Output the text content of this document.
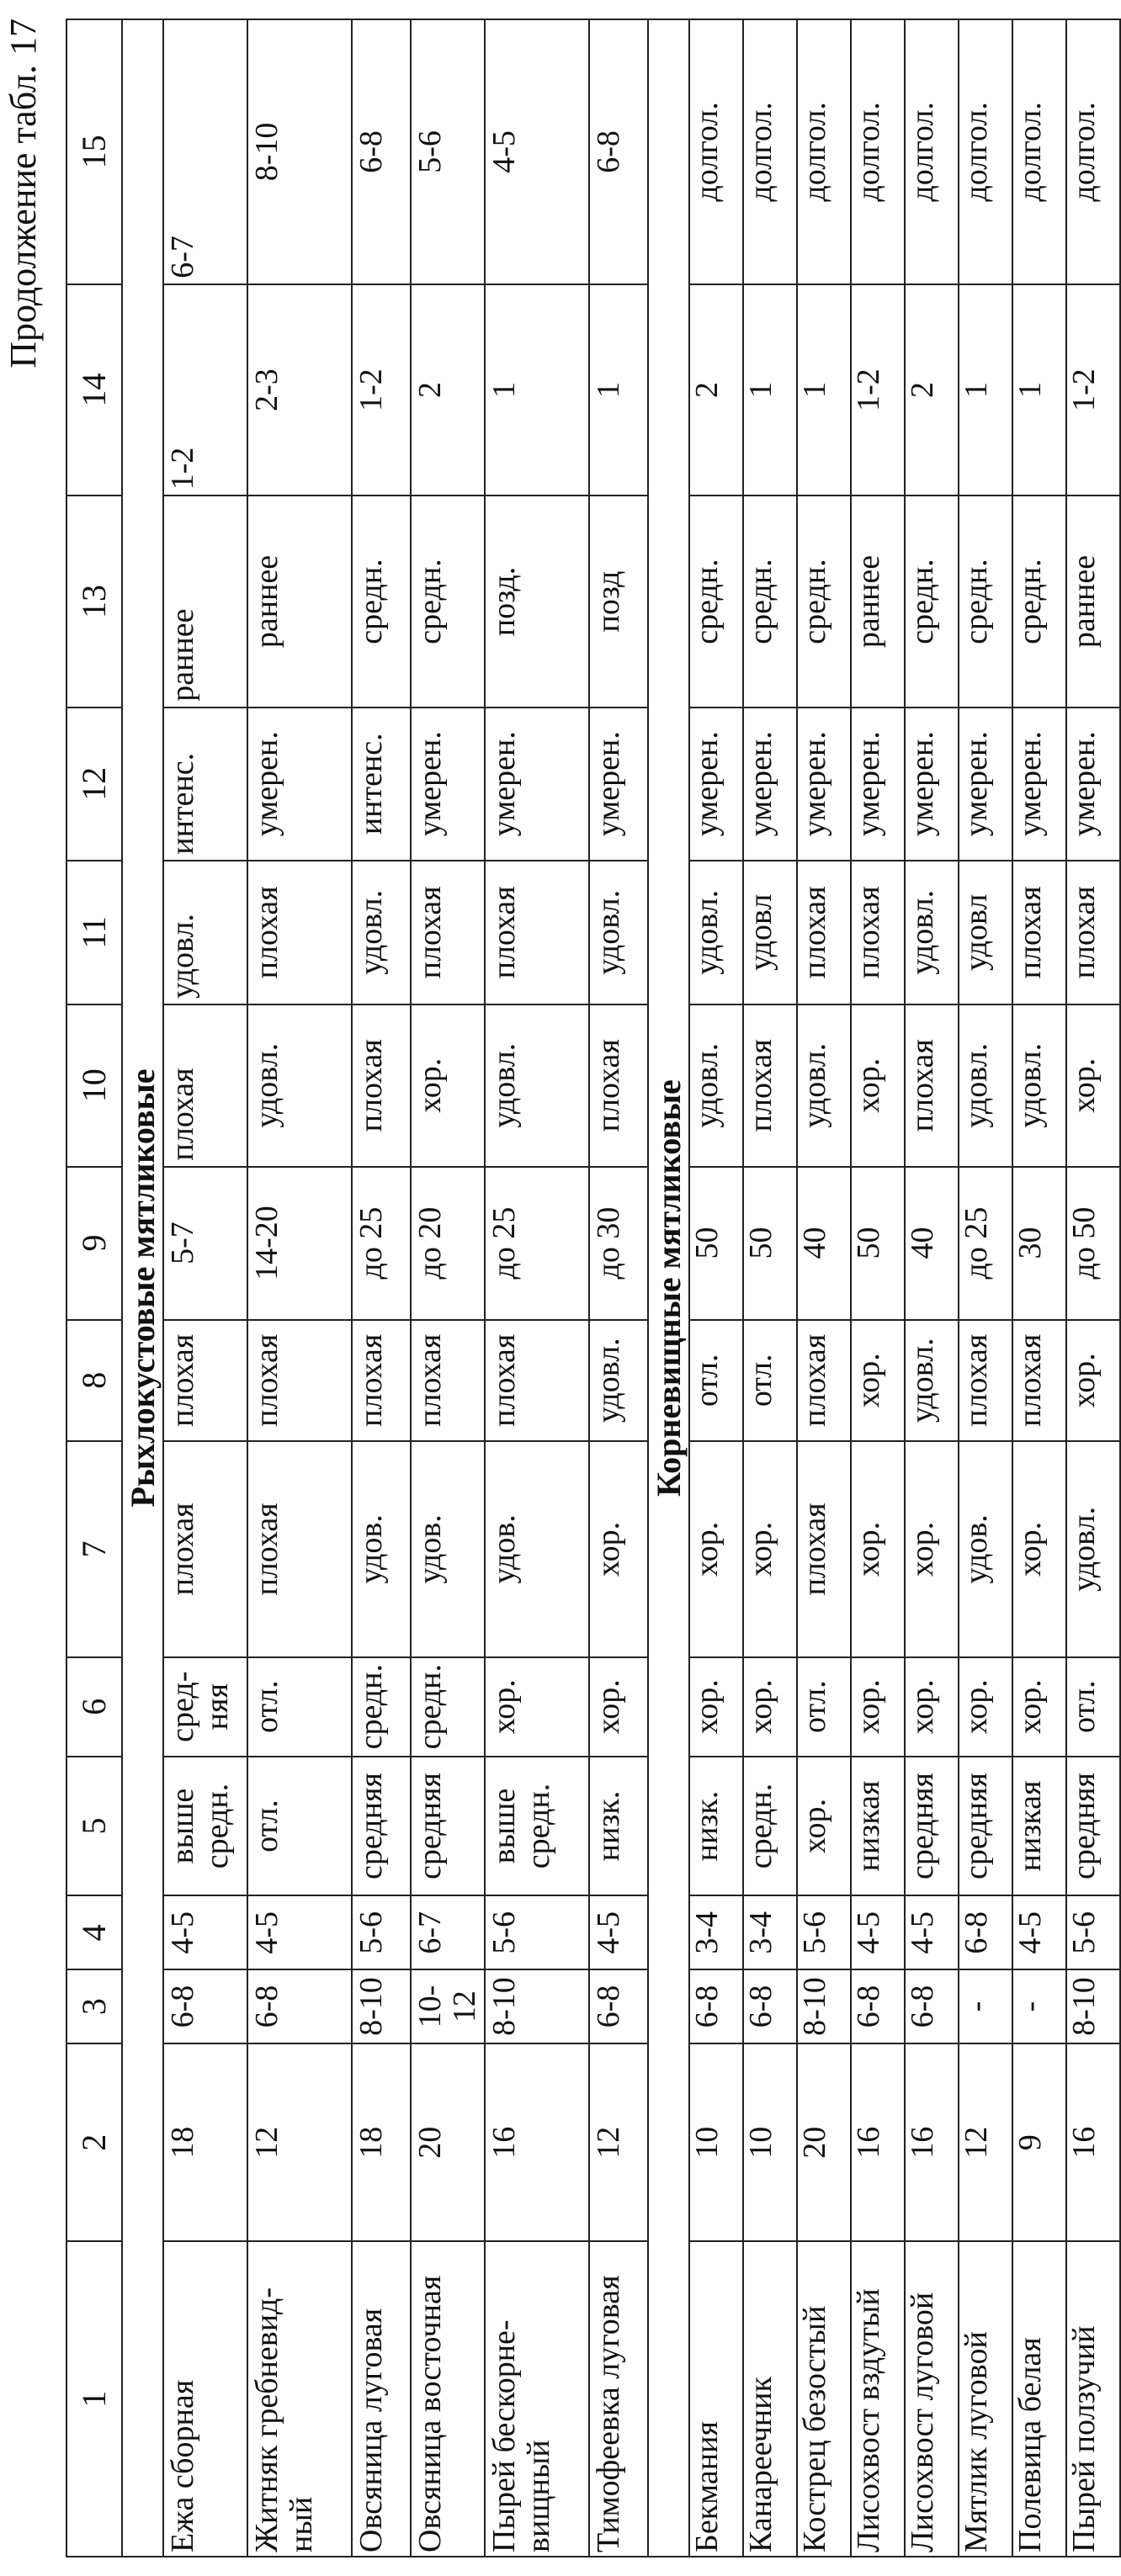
Продолжение табл. 17
1	2	3	4	5	6	7	8	9	10	11	12	13	14	15
Рыхлокустовые мятликовые														
Ежа сборная	18	6-8	4-5	выше средн.	сред-няя	плохая	плохая	5-7	плохая	удовл.	интенс.	раннее	1-2	6-7
Житняк гребневид-ный	12	6-8	4-5	отл.	отл.	плохая	плохая	14-20	удовл.	плохая	умерен.	раннее	2-3	8-10
Овсяница луговая	18	8-10	5-6	средняя	средн.	удов.	плохая	до 25	плохая	удовл.	интенс.	средн.	1-2	6-8
Овсяница восточная	20	10-12	6-7	средняя	средн.	удов.	плохая	до 20	хор.	плохая	умерен.	средн.	2	5-6
Пырей бескорне-вищный	16	8-10	5-6	выше средн.	хор.	удов.	плохая	до 25	удовл.	плохая	умерен.	позд.	1	4-5
Тимофеевка луговая	12	6-8	4-5	низк.	хор.	хор.	удовл.	до 30	плохая	удовл.	умерен.	позд	1	6-8
Корневищные мятликовые														
Бекмания	10	6-8	3-4	низк.	хор.	хор.	отл.	50	удовл.	удовл.	умерен.	средн.	2	долгол.
Канареечник	10	6-8	3-4	средн.	хор.	хор.	отл.	50	плохая	удовл	умерен.	средн.	1	долгол.
Кострец безостый	20	8-10	5-6	хор.	отл.	плохая	плохая	40	удовл.	плохая	умерен.	средн.	1	долгол.
Лисохвост вздутый	16	6-8	4-5	низкая	хор.	хор.	хор.	50	хор.	плохая	умерен.	раннее	1-2	долгол.
Лисохвост луговой	16	6-8	4-5	средняя	хор.	хор.	удовл.	40	плохая	удовл.	умерен.	средн.	2	долгол.
Мятлик луговой	12	-	6-8	средняя	хор.	удов.	плохая	до 25	удовл.	удовл	умерен.	средн.	1	долгол.
Полевица белая	9	-	4-5	низкая	хор.	хор.	плохая	30	удовл.	плохая	умерен.	средн.	1	долгол.
Пырей ползучий	16	8-10	5-6	средняя	отл.	удовл.	хор.	до 50	хор.	плохая	умерен.	раннее	1-2	долгол.
